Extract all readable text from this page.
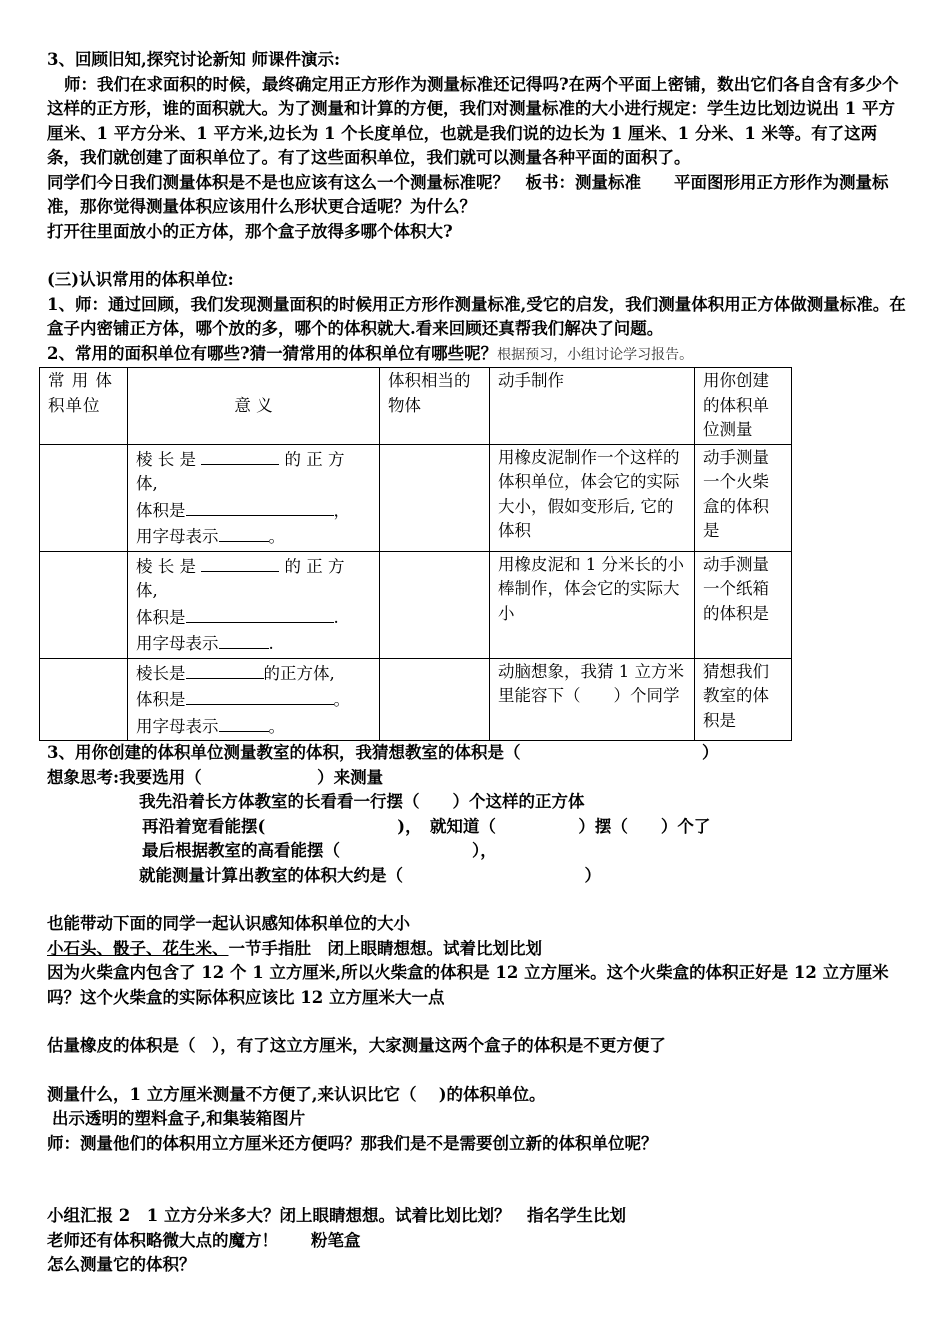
3、回顾旧知,探究讨论新知 师课件演示:

师：我们在求面积的时候，最终确定用正方形作为测量标准还记得吗?在两个平面上密铺，数出它们各自含有多少个这样的正方形，谁的面积就大。为了测量和计算的方便，我们对测量标准的大小进行规定：学生边比划边说出 1 平方厘米、1 平方分米、1 平方米,边长为 1 个长度单位，也就是我们说的边长为 1 厘米、1 分米、1 米等。有了这两条，我们就创建了面积单位了。有了这些面积单位，我们就可以测量各种平面的面积了。

同学们今日我们测量体积是不是也应该有这么一个测量标准呢？　板书：测量标准　　平面图形用正方形作为测量标准，那你觉得测量体积应该用什么形状更合适呢？为什么？

打开往里面放小的正方体，那个盒子放得多哪个体积大?

(三)认识常用的体积单位:

1、师：通过回顾，我们发现测量面积的时候用正方形作测量标准,受它的启发，我们测量体积用正方体做测量标准。在盒子内密铺正方体，哪个放的多，哪个的体积就大.看来回顾还真帮我们解决了问题。

2、常用的面积单位有哪些?猜一猜常用的体积单位有哪些呢？根据预习，小组讨论学习报告。

常 用 体积单位	意 义	体积相当的物体	动手制作	用你创建的体积单位测量
	棱 长 是 的 正 方 体,
体积是 ，
用字母表示 。		用橡皮泥制作一个这样的体积单位，体会它的实际大小，假如变形后, 它的体积	动手测量一个火柴盒的体积是
	棱 长 是 的 正 方 体,
体积是 .
用字母表示 .		用橡皮泥和 1 分米长的小棒制作，体会它的实际大小	动手测量一个纸箱的体积是
	棱长是 的正方体,
体积是 。
用字母表示 。		动脑想象，我猜 1 立方米里能容下（　　）个同学	猜想我们教室的体积是

3、用你创建的体积单位测量教室的体积，我猜想教室的体积是（　　　　　　　　　　　）

想象思考:我要选用（　　　　　　　）来测量

我先沿着长方体教室的长看看一行摆（　　）个这样的正方体

再沿着宽看能摆(　　　　　　　　)，　就知道（　　　　　）摆（　　）个了

最后根据教室的高看能摆（　　　　　　　　），

就能测量计算出教室的体积大约是（　　　　　　　　　　　）

也能带动下面的同学一起认识感知体积单位的大小

小石头、骰子、花生米、一节手指肚　闭上眼睛想想。试着比划比划

因为火柴盒内包含了 12 个 1 立方厘米,所以火柴盒的体积是 12 立方厘米。这个火柴盒的体积正好是 12 立方厘米吗？这个火柴盒的实际体积应该比 12 立方厘米大一点

估量橡皮的体积是（　），有了这立方厘米，大家测量这两个盒子的体积是不更方便了

测量什么，1 立方厘米测量不方便了,来认识比它（　 )的体积单位。

出示透明的塑料盒子,和集装箱图片

师：测量他们的体积用立方厘米还方便吗？那我们是不是需要创立新的体积单位呢？

小组汇报 2　1 立方分米多大？闭上眼睛想想。试着比划比划？　指名学生比划

老师还有体积略微大点的魔方！　　粉笔盒

怎么测量它的体积？
